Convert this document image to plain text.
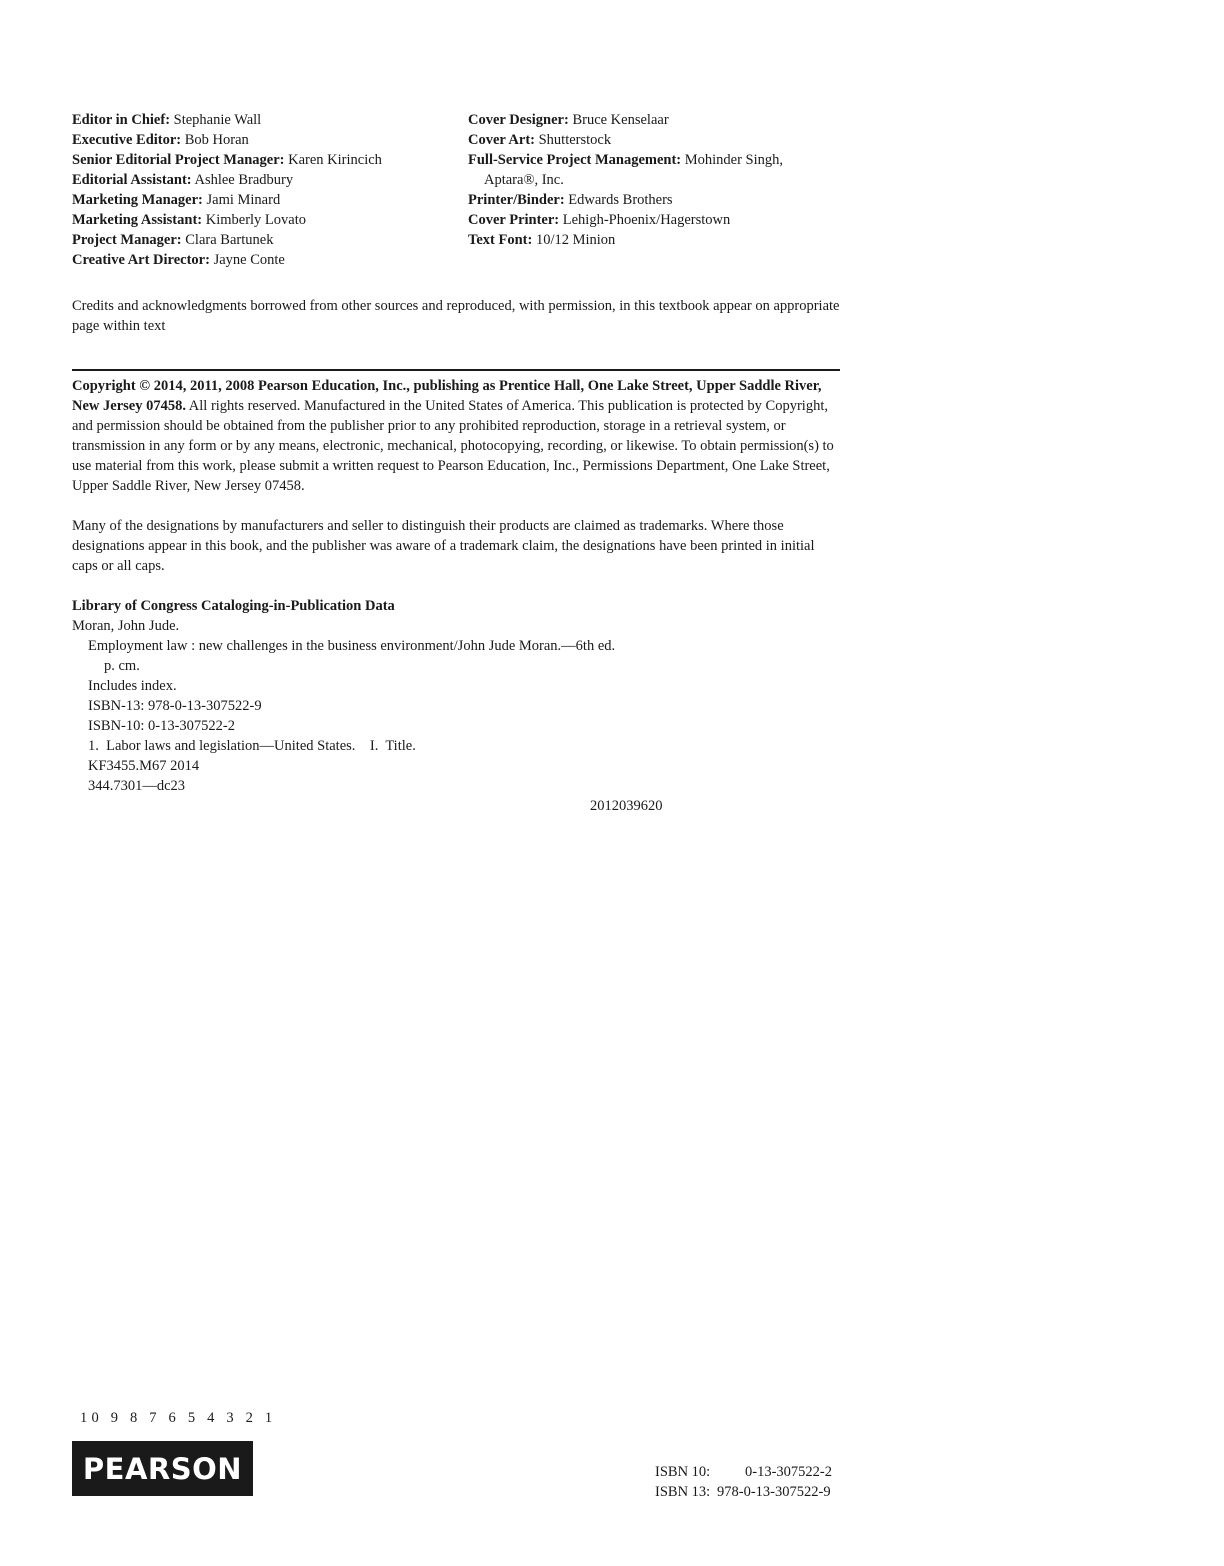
Editor in Chief: Stephanie Wall
Executive Editor: Bob Horan
Senior Editorial Project Manager: Karen Kirincich
Editorial Assistant: Ashlee Bradbury
Marketing Manager: Jami Minard
Marketing Assistant: Kimberly Lovato
Project Manager: Clara Bartunek
Creative Art Director: Jayne Conte
Cover Designer: Bruce Kenselaar
Cover Art: Shutterstock
Full-Service Project Management: Mohinder Singh,
Aptara®, Inc.
Printer/Binder: Edwards Brothers
Cover Printer: Lehigh-Phoenix/Hagerstown
Text Font: 10/12 Minion
Credits and acknowledgments borrowed from other sources and reproduced, with permission, in this textbook appear on appropriate page within text
Copyright © 2014, 2011, 2008 Pearson Education, Inc., publishing as Prentice Hall, One Lake Street, Upper Saddle River, New Jersey 07458. All rights reserved. Manufactured in the United States of America. This publication is protected by Copyright, and permission should be obtained from the publisher prior to any prohibited reproduction, storage in a retrieval system, or transmission in any form or by any means, electronic, mechanical, photocopying, recording, or likewise. To obtain permission(s) to use material from this work, please submit a written request to Pearson Education, Inc., Permissions Department, One Lake Street, Upper Saddle River, New Jersey 07458.
Many of the designations by manufacturers and seller to distinguish their products are claimed as trademarks. Where those designations appear in this book, and the publisher was aware of a trademark claim, the designations have been printed in initial caps or all caps.
Library of Congress Cataloging-in-Publication Data
Moran, John Jude.
Employment law : new challenges in the business environment/John Jude Moran.—6th ed.
p. cm.
Includes index.
ISBN-13: 978-0-13-307522-9
ISBN-10: 0-13-307522-2
1.  Labor laws and legislation—United States.    I.  Title.
KF3455.M67 2014
344.7301—dc23
2012039620
10 9 8 7 6 5 4 3 2 1
PEARSON	ISBN 10:	0-13-307522-2
ISBN 13: 978-0-13-307522-9
